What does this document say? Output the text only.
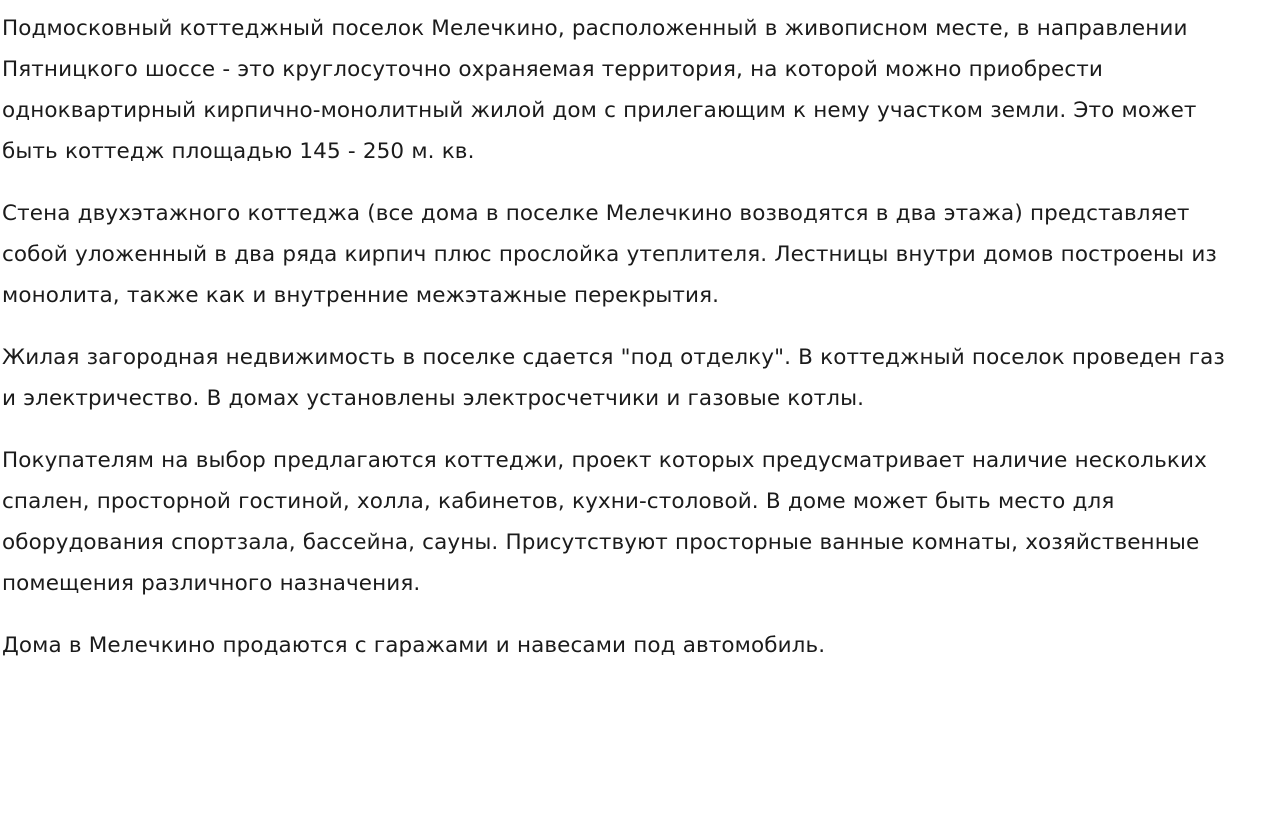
Подмосковный коттеджный поселок Мелечкино, расположенный в живописном месте, в направлении Пятницкого шоссе - это круглосуточно охраняемая территория, на которой можно приобрести одноквартирный кирпично-монолитный жилой дом с прилегающим к нему участком земли. Это может быть коттедж площадью 145 - 250 м. кв.

Стена двухэтажного коттеджа (все дома в поселке Мелечкино возводятся в два этажа) представляет собой уложенный в два ряда кирпич плюс прослойка утеплителя. Лестницы внутри домов построены из монолита, также как и внутренние межэтажные перекрытия.

Жилая загородная недвижимость в поселке сдается "под отделку". В коттеджный поселок проведен газ и электричество. В домах установлены электросчетчики и газовые котлы.

Покупателям на выбор предлагаются коттеджи, проект которых предусматривает наличие нескольких спален, просторной гостиной, холла, кабинетов, кухни-столовой. В доме может быть место для оборудования спортзала, бассейна, сауны. Присутствуют просторные ванные комнаты, хозяйственные помещения различного назначения.

Дома в Мелечкино продаются с гаражами и навесами под автомобиль.
